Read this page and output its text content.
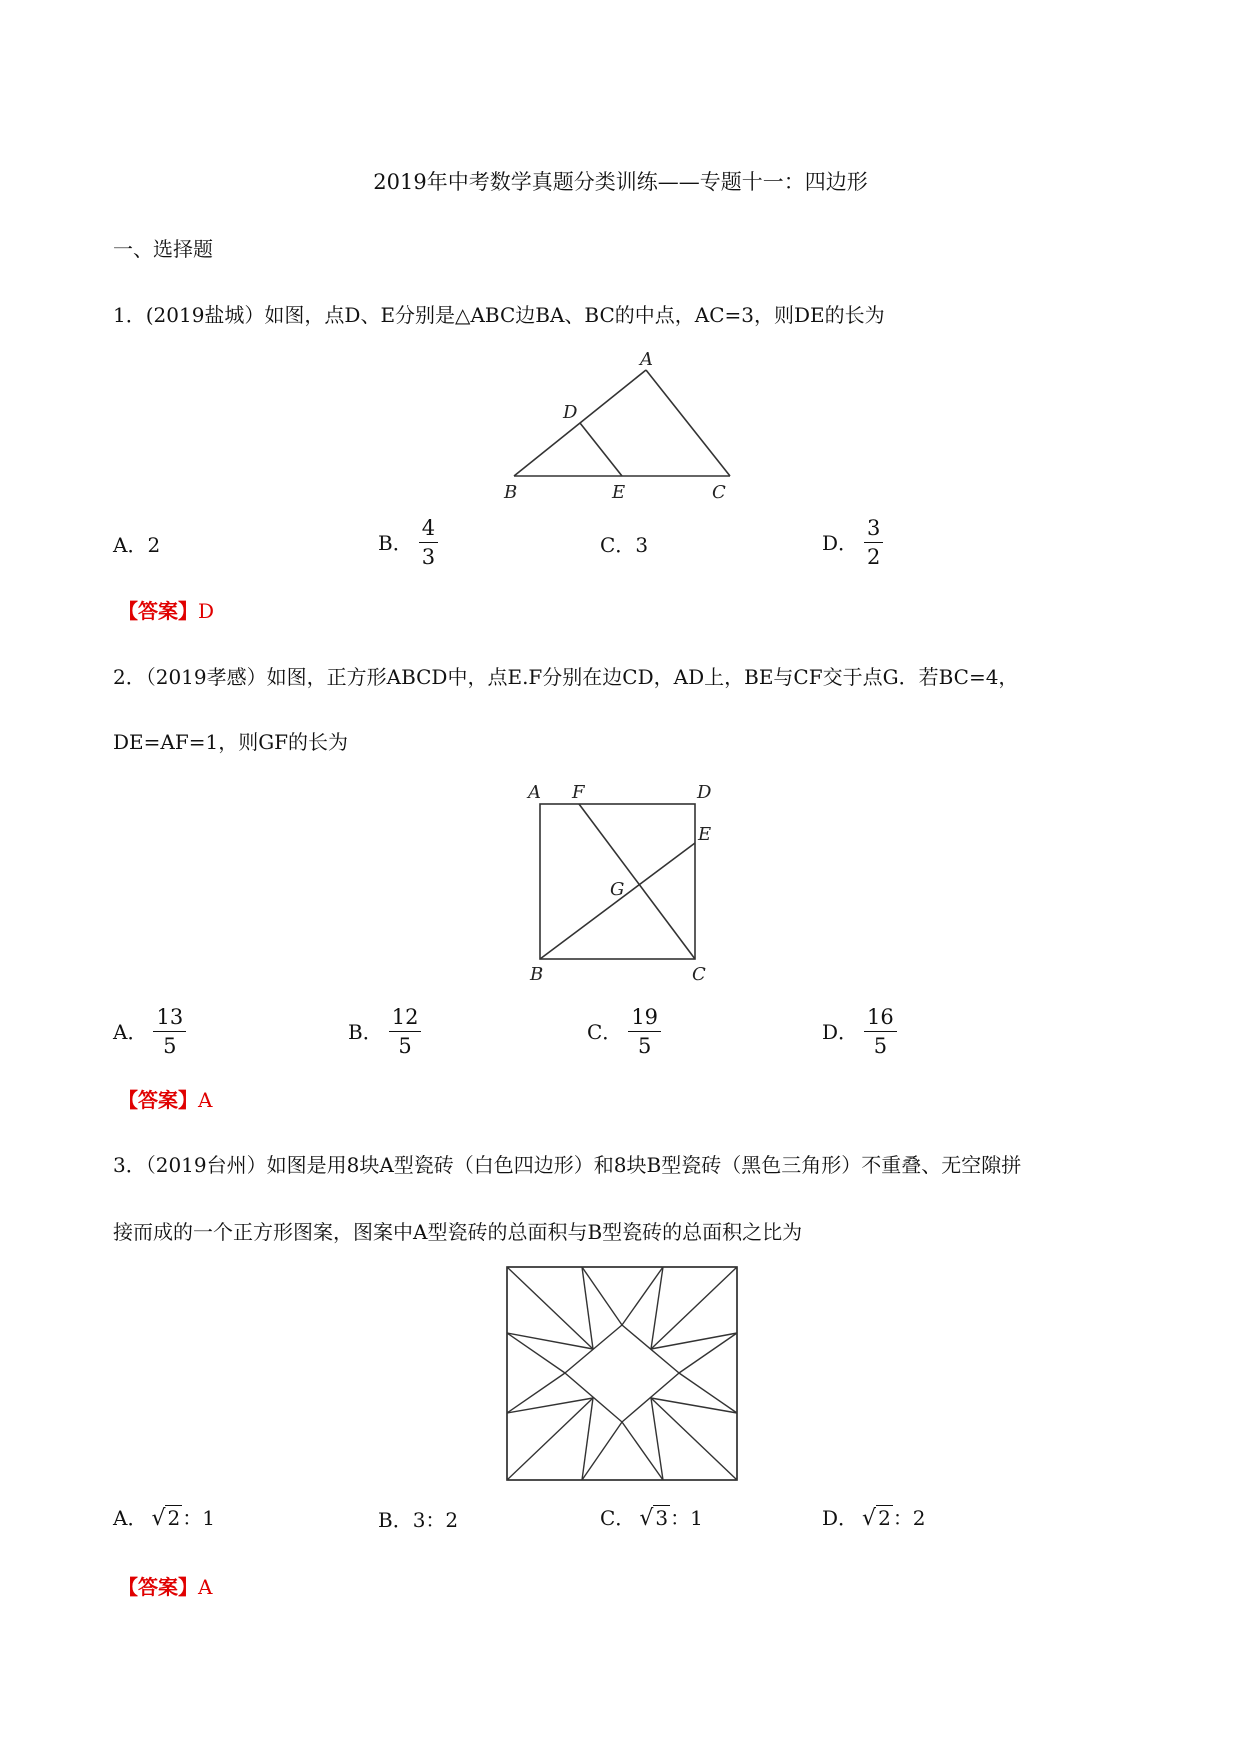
2019年中考数学真题分类训练——专题十一：四边形
一、选择题
1．(2019盐城）如图，点D、E分别是△ABC边BA、BC的中点，AC=3，则DE的长为
A
D
B	E	C
A．2	B． $\frac{4}{3}$	C．3	D． $\frac{3}{2}$
【答案】D
2．（2019孝感）如图，正方形ABCD中，点E.F分别在边CD，AD上，BE与CF交于点G．若BC=4，
DE=AF=1，则GF的长为
A F	D
E
G
B	C
A． $\frac{13}{5}$	B． $\frac{12}{5}$	C． $\frac{19}{5}$	D． $\frac{16}{5}$
【答案】A
3．（2019台州）如图是用8块A型瓷砖（白色四边形）和8块B型瓷砖（黑色三角形）不重叠、无空隙拼
接而成的一个正方形图案，图案中A型瓷砖的总面积与B型瓷砖的总面积之比为
A． √ 2 ：1	B．3：2	C． √ 3 ：1	D． √ 2 ：2
【答案】A
